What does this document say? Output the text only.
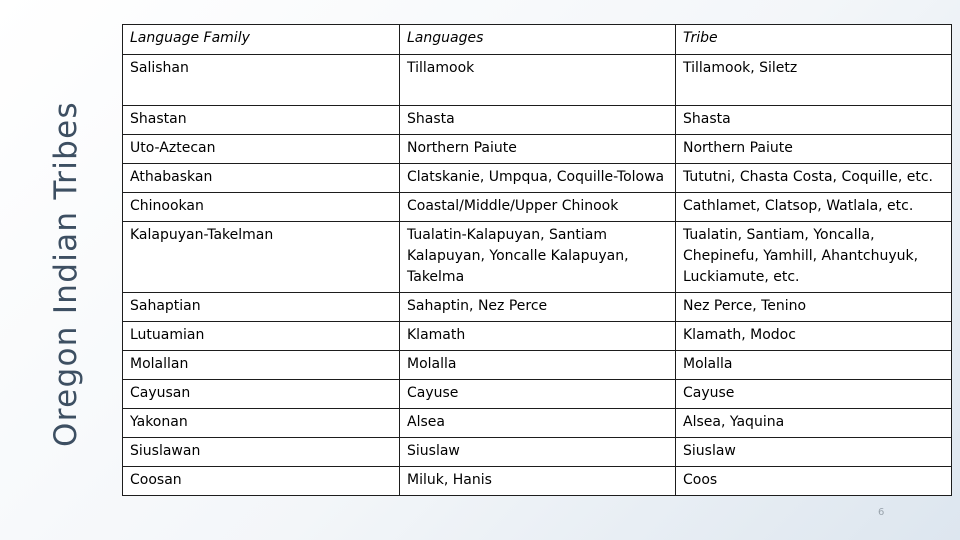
Oregon Indian Tribes
Language Family	Languages	Tribe
Salishan	Tillamook	Tillamook, Siletz
Shastan	Shasta	Shasta
Uto-Aztecan	Northern Paiute	Northern Paiute
Athabaskan	Clatskanie, Umpqua, Coquille-Tolowa	Tututni, Chasta Costa, Coquille, etc.
Chinookan	Coastal/Middle/Upper Chinook	Cathlamet, Clatsop, Watlala, etc.
Kalapuyan-Takelman	Tualatin-Kalapuyan, Santiam Kalapuyan, Yoncalle Kalapuyan, Takelma	Tualatin, Santiam, Yoncalla, Chepinefu, Yamhill, Ahantchuyuk, Luckiamute, etc.
Sahaptian	Sahaptin, Nez Perce	Nez Perce, Tenino
Lutuamian	Klamath	Klamath, Modoc
Molallan	Molalla	Molalla
Cayusan	Cayuse	Cayuse
Yakonan	Alsea	Alsea, Yaquina
Siuslawan	Siuslaw	Siuslaw
Coosan	Miluk, Hanis	Coos
6
